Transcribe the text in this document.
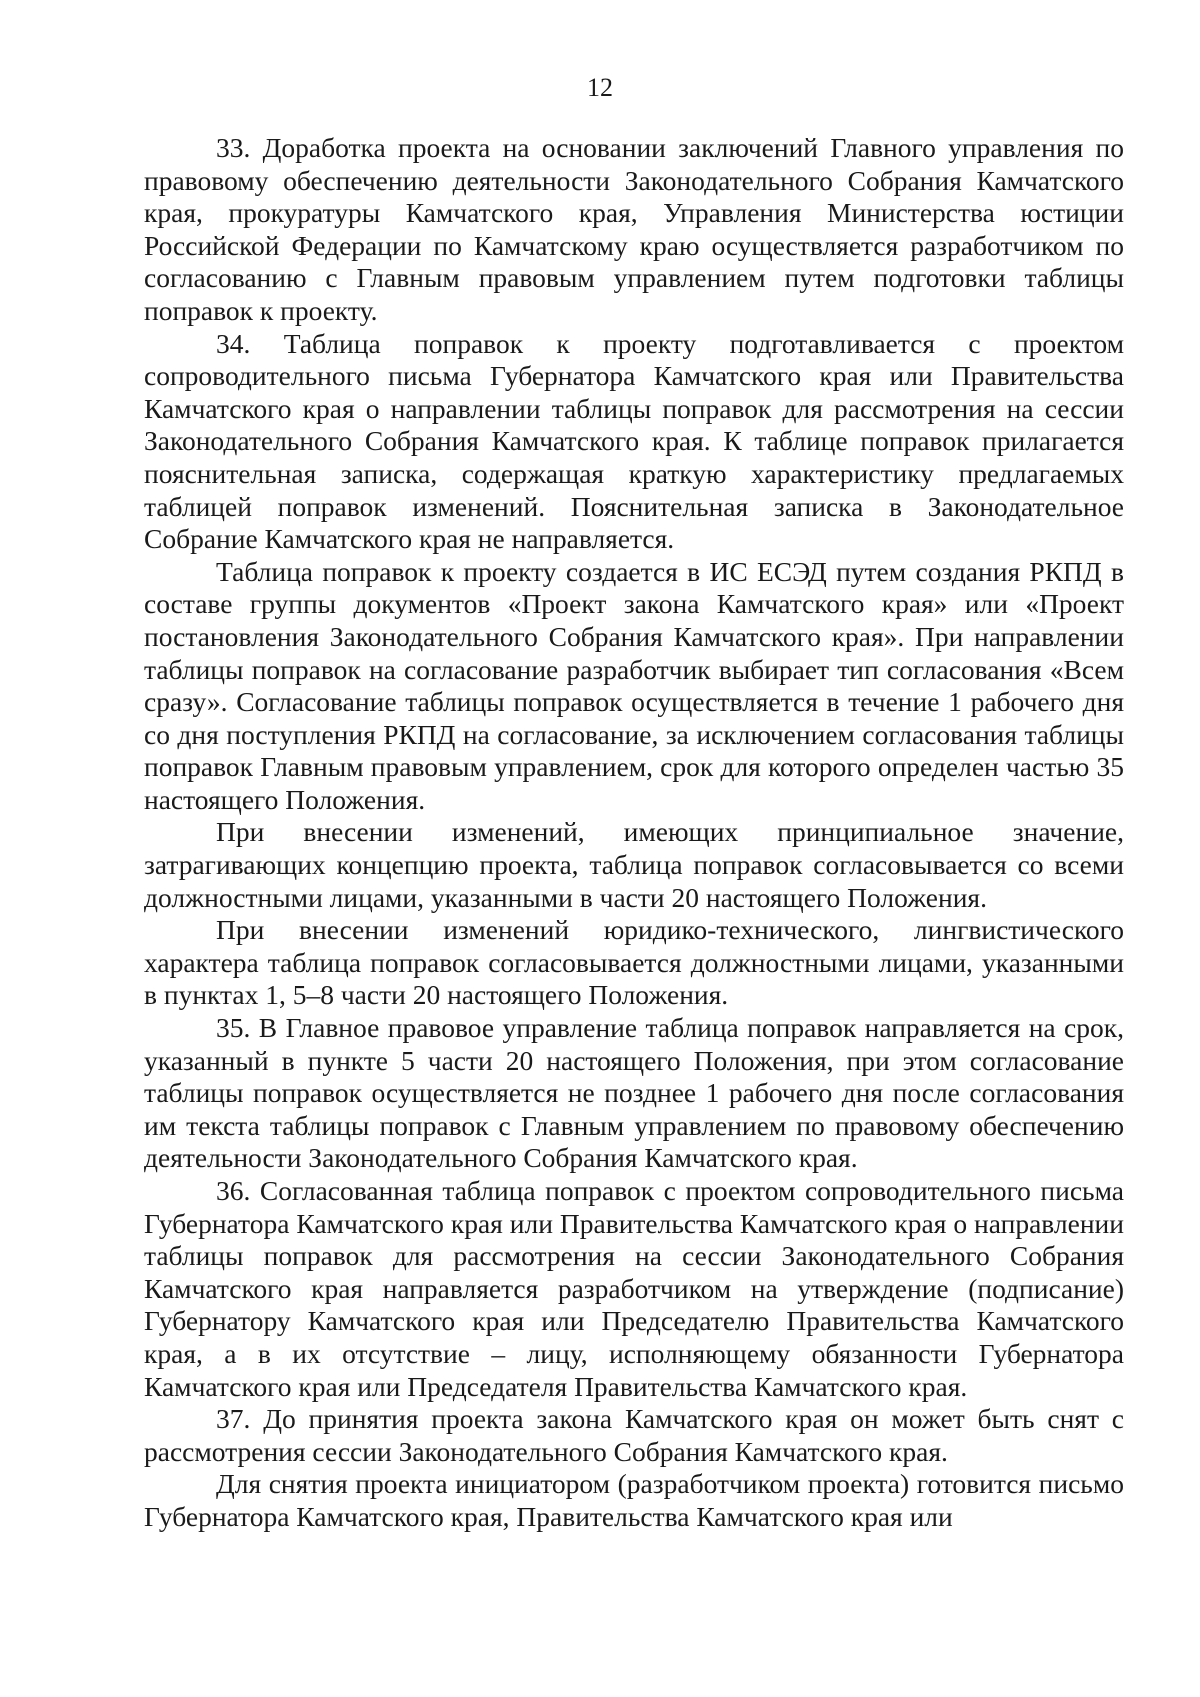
12

33. Доработка проекта на основании заключений Главного управления по правовому обеспечению деятельности Законодательного Собрания Камчатского края, прокуратуры Камчатского края, Управления Министерства юстиции Российской Федерации по Камчатскому краю осуществляется разработчиком по согласованию с Главным правовым управлением путем подготовки таблицы поправок к проекту.

34. Таблица поправок к проекту подготавливается с проектом сопроводительного письма Губернатора Камчатского края или Правительства Камчатского края о направлении таблицы поправок для рассмотрения на сессии Законодательного Собрания Камчатского края. К таблице поправок прилагается пояснительная записка, содержащая краткую характеристику предлагаемых таблицей поправок изменений. Пояснительная записка в Законодательное Собрание Камчатского края не направляется.

Таблица поправок к проекту создается в ИС ЕСЭД путем создания РКПД в составе группы документов «Проект закона Камчатского края» или «Проект постановления Законодательного Собрания Камчатского края». При направлении таблицы поправок на согласование разработчик выбирает тип согласования «Всем сразу». Согласование таблицы поправок осуществляется в течение 1 рабочего дня со дня поступления РКПД на согласование, за исключением согласования таблицы поправок Главным правовым управлением, срок для которого определен частью 35 настоящего Положения.

При внесении изменений, имеющих принципиальное значение, затрагивающих концепцию проекта, таблица поправок согласовывается со всеми должностными лицами, указанными в части 20 настоящего Положения.

При внесении изменений юридико-технического, лингвистического характера таблица поправок согласовывается должностными лицами, указанными в пунктах 1, 5–8 части 20 настоящего Положения.

35. В Главное правовое управление таблица поправок направляется на срок, указанный в пункте 5 части 20 настоящего Положения, при этом согласование таблицы поправок осуществляется не позднее 1 рабочего дня после согласования им текста таблицы поправок с Главным управлением по правовому обеспечению деятельности Законодательного Собрания Камчатского края.

36. Согласованная таблица поправок с проектом сопроводительного письма Губернатора Камчатского края или Правительства Камчатского края о направлении таблицы поправок для рассмотрения на сессии Законодательного Собрания Камчатского края направляется разработчиком на утверждение (подписание) Губернатору Камчатского края или Председателю Правительства Камчатского края, а в их отсутствие – лицу, исполняющему обязанности Губернатора Камчатского края или Председателя Правительства Камчатского края.

37. До принятия проекта закона Камчатского края он может быть снят с рассмотрения сессии Законодательного Собрания Камчатского края.

Для снятия проекта инициатором (разработчиком проекта) готовится письмо Губернатора Камчатского края, Правительства Камчатского края или
